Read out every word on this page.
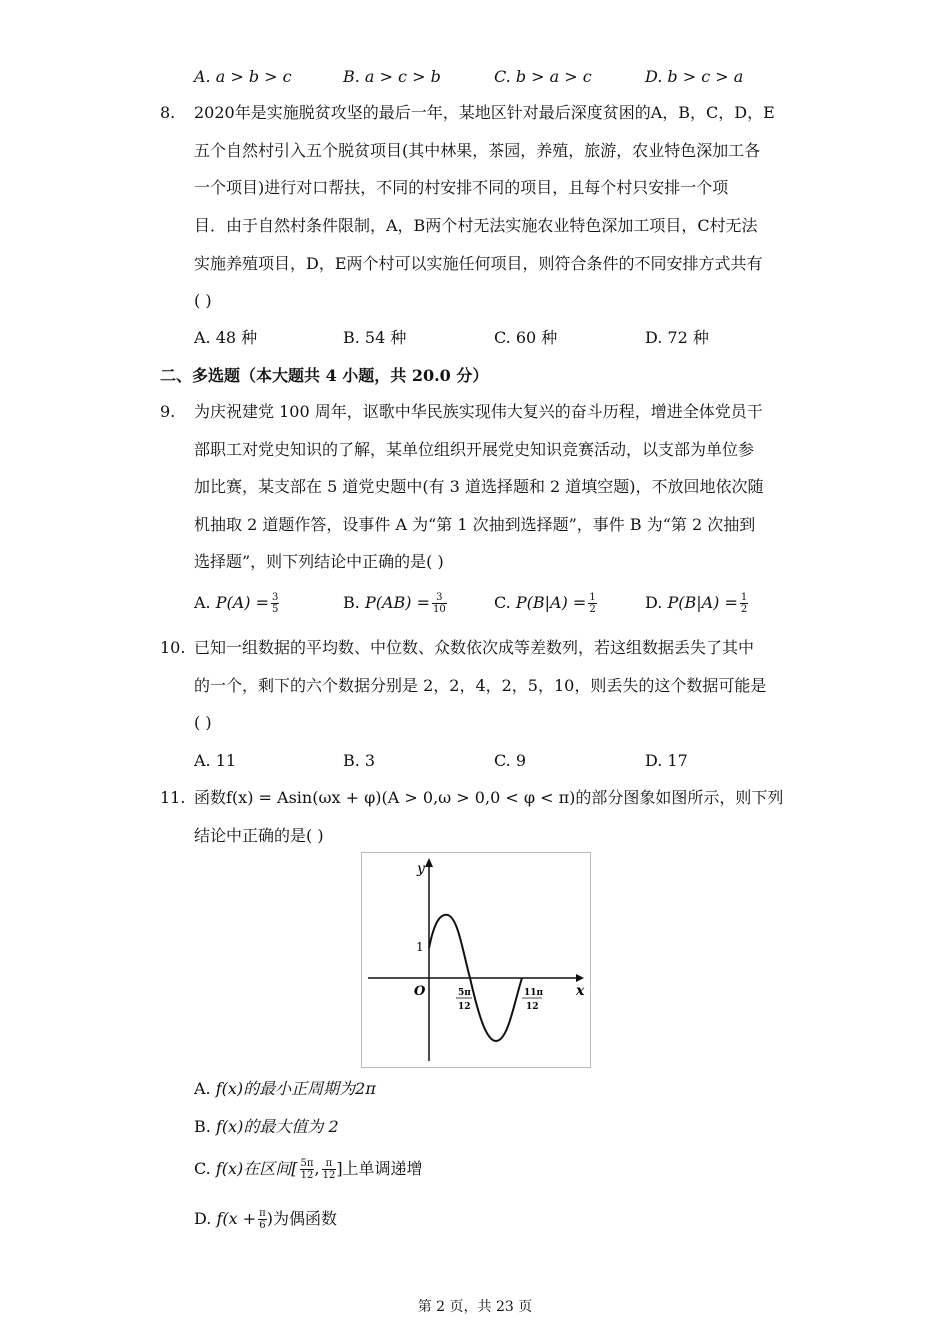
A. a > b > c	B. a > c > b	C. b > a > c	D. b > c > a
8. 2020年是实施脱贫攻坚的最后一年，某地区针对最后深度贫困的A，B，C，D，E
五个自然村引入五个脱贫项目(其中林果，茶园，养殖，旅游，农业特色深加工各
一个项目)进行对口帮扶，不同的村安排不同的项目，且每个村只安排一个项
目．由于自然村条件限制，A，B两个村无法实施农业特色深加工项目，C村无法
实施养殖项目，D，E两个村可以实施任何项目，则符合条件的不同安排方式共有
( )
A. 48 种	B. 54 种	C. 60 种	D. 72 种
二、多选题（本大题共 4 小题，共 20.0 分）
9. 为庆祝建党 100 周年，讴歌中华民族实现伟大复兴的奋斗历程，增进全体党员干
部职工对党史知识的了解，某单位组织开展党史知识竞赛活动，以支部为单位参
加比赛，某支部在 5 道党史题中(有 3 道选择题和 2 道填空题)，不放回地依次随
机抽取 2 道题作答，设事件 A 为“第 1 次抽到选择题”，事件 B 为“第 2 次抽到
选择题”，则下列结论中正确的是( )
A. $P(A) = \frac{3}{5}$	B. $P(AB) = \frac{3}{10}$	C. $P(B|A) = \frac{1}{2}$	D. $P(B|A) = \frac{1}{2}$
10. 已知一组数据的平均数、中位数、众数依次成等差数列，若这组数据丢失了其中
的一个，剩下的六个数据分别是 2，2，4，2，5，10，则丢失的这个数据可能是
( )
A. 11	B. 3	C. 9	D. 17
11. 函数f(x) = Asin(ωx + φ)(A > 0,ω > 0,0 < φ < π)的部分图象如图所示，则下列
结论中正确的是( )
y
x
O
1
5π
12
11π
12
A. f(x)的最小正周期为2π
B. f(x)的最大值为 2
C. f(x)在区间[ $\frac{5\pi}{12}$ , $\frac{\pi}{12}$ ]上单调递增
D. $f(x + \frac{\pi}{6}$ )为偶函数
第 2 页，共 23 页
